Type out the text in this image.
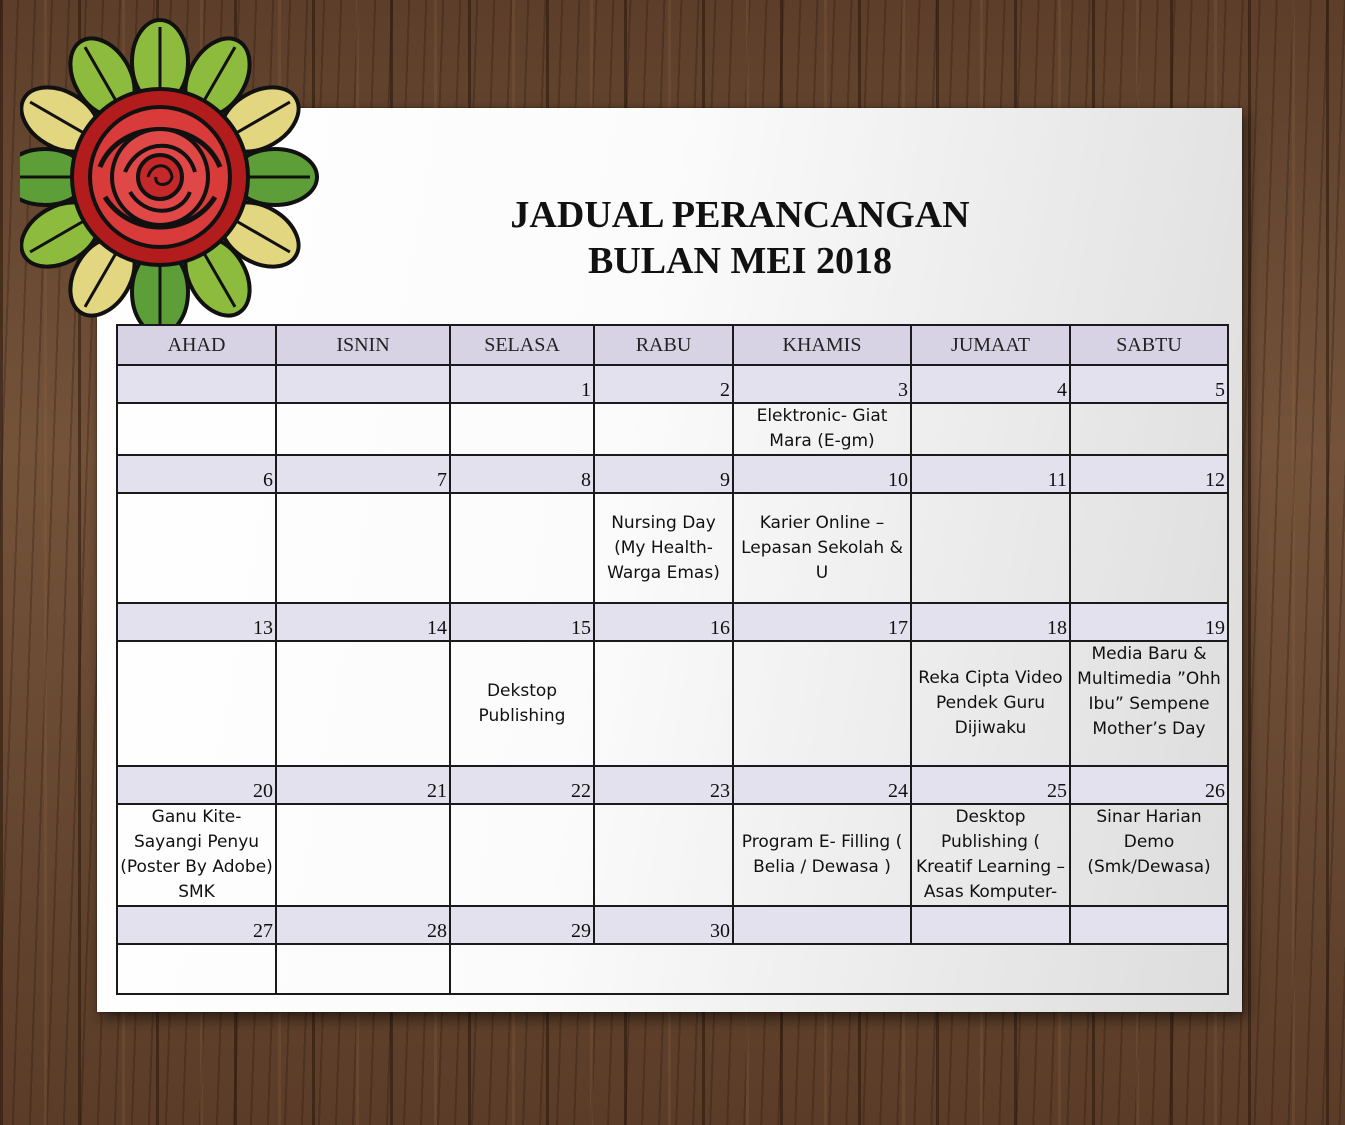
JADUAL PERANCANGAN
BULAN MEI 2018
AHAD	ISNIN	SELASA	RABU	KHAMIS	JUMAAT	SABTU
		1	2	3	4	5
				Elektronic- Giat Mara (E-gm)		
6	7	8	9	10	11	12
			Nursing Day (My Health- Warga Emas)	Karier Online – Lepasan Sekolah & U		
13	14	15	16	17	18	19
		Dekstop Publishing			Reka Cipta Video Pendek Guru Dijiwaku	Media Baru & Multimedia ”Ohh Ibu” Sempene Mother’s Day
20	21	22	23	24	25	26
Ganu Kite- Sayangi Penyu (Poster By Adobe) SMK				Program E- Filling ( Belia / Dewasa )	Desktop Publishing ( Kreatif Learning – Asas Komputer-	Sinar Harian Demo (Smk/Dewasa)
27	28	29	30			
